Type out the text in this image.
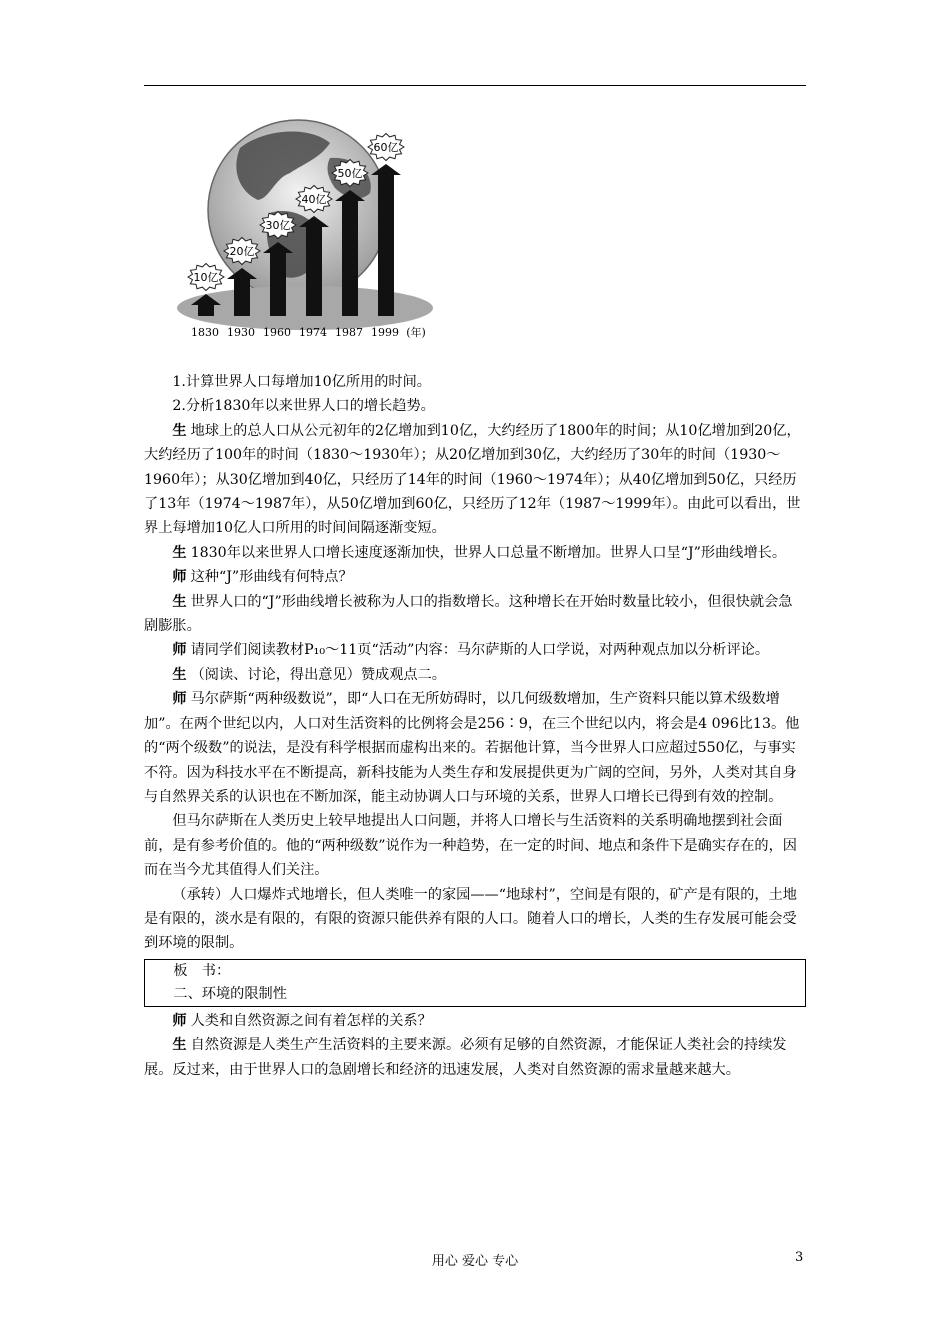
10亿
1830
20亿
1930
30亿
1960
40亿
1974
50亿
1987
60亿
1999 (年)

1.计算世界人口每增加10亿所用的时间。

2.分析1830年以来世界人口的增长趋势。

生 地球上的总人口从公元初年的2亿增加到10亿，大约经历了1800年的时间；从10亿增加到20亿，大约经历了100年的时间（1830～1930年）；从20亿增加到30亿，大约经历了30年的时间（1930～1960年）；从30亿增加到40亿，只经历了14年的时间（1960～1974年）；从40亿增加到50亿，只经历了13年（1974～1987年），从50亿增加到60亿，只经历了12年（1987～1999年）。由此可以看出，世界上每增加10亿人口所用的时间间隔逐渐变短。

生 1830年以来世界人口增长速度逐渐加快，世界人口总量不断增加。世界人口呈“J”形曲线增长。

师 这种“J”形曲线有何特点？

生 世界人口的“J”形曲线增长被称为人口的指数增长。这种增长在开始时数量比较小，但很快就会急剧膨胀。

师 请同学们阅读教材P₁₀～11页“活动”内容：马尔萨斯的人口学说，对两种观点加以分析评论。

生 （阅读、讨论，得出意见）赞成观点二。

师 马尔萨斯“两种级数说”，即“人口在无所妨碍时，以几何级数增加，生产资料只能以算术级数增加”。在两个世纪以内，人口对生活资料的比例将会是256∶9，在三个世纪以内，将会是4 096比13。他的“两个级数”的说法，是没有科学根据而虚构出来的。若据他计算，当今世界人口应超过550亿，与事实不符。因为科技水平在不断提高，新科技能为人类生存和发展提供更为广阔的空间，另外，人类对其自身与自然界关系的认识也在不断加深，能主动协调人口与环境的关系，世界人口增长已得到有效的控制。

但马尔萨斯在人类历史上较早地提出人口问题，并将人口增长与生活资料的关系明确地摆到社会面前，是有参考价值的。他的“两种级数”说作为一种趋势，在一定的时间、地点和条件下是确实存在的，因而在当今尤其值得人们关注。

（承转）人口爆炸式地增长，但人类唯一的家园——“地球村”，空间是有限的，矿产是有限的，土地是有限的，淡水是有限的，有限的资源只能供养有限的人口。随着人口的增长，人类的生存发展可能会受到环境的限制。

板　书：

二、环境的限制性

师 人类和自然资源之间有着怎样的关系？

生 自然资源是人类生产生活资料的主要来源。必须有足够的自然资源，才能保证人类社会的持续发展。反过来，由于世界人口的急剧增长和经济的迅速发展，人类对自然资源的需求量越来越大。

用心 爱心 专心	3
